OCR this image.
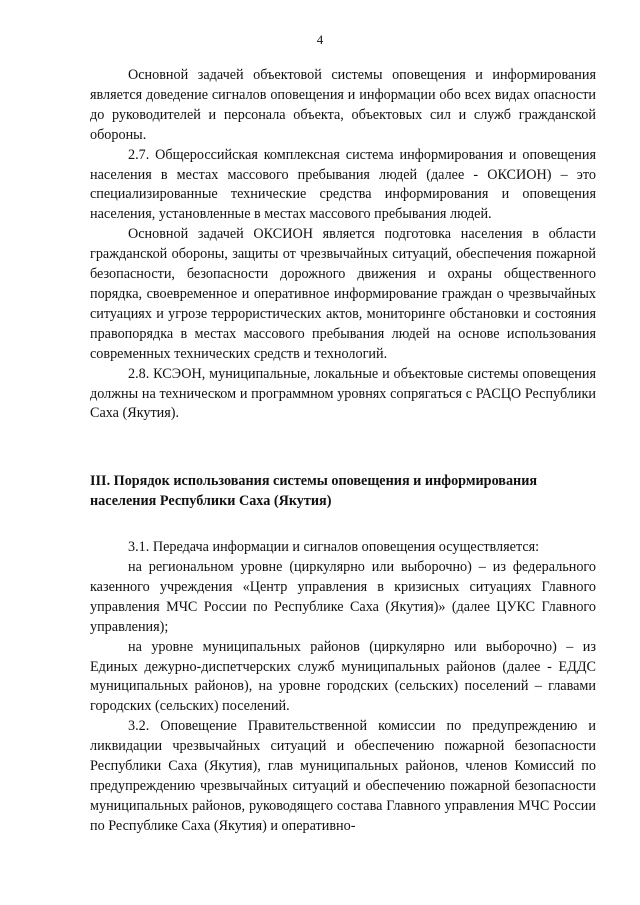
4

Основной задачей объектовой системы оповещения и информирования является доведение сигналов оповещения и информации обо всех видах опасности до руководителей и персонала объекта, объектовых сил и служб гражданской обороны.

2.7. Общероссийская комплексная система информирования и оповещения населения в местах массового пребывания людей (далее - ОКСИОН) – это специализированные технические средства информирования и оповещения населения, установленные в местах массового пребывания людей.

Основной задачей ОКСИОН является подготовка населения в области гражданской обороны, защиты от чрезвычайных ситуаций, обеспечения пожарной безопасности, безопасности дорожного движения и охраны общественного порядка, своевременное и оперативное информирование граждан о чрезвычайных ситуациях и угрозе террористических актов, мониторинге обстановки и состояния правопорядка в местах массового пребывания людей на основе использования современных технических средств и технологий.

2.8. КСЭОН, муниципальные, локальные и объектовые системы оповещения должны на техническом и программном уровнях сопрягаться с РАСЦО Республики Саха (Якутия).

III. Порядок использования системы оповещения и информирования
населения Республики Саха (Якутия)

3.1. Передача информации и сигналов оповещения осуществляется:

на региональном уровне (циркулярно или выборочно) – из федерального казенного учреждения «Центр управления в кризисных ситуациях Главного управления МЧС России по Республике Саха (Якутия)» (далее ЦУКС Главного управления);

на уровне муниципальных районов (циркулярно или выборочно) – из Единых дежурно-диспетчерских служб муниципальных районов (далее - ЕДДС муниципальных районов), на уровне городских (сельских) поселений – главами городских (сельских) поселений.

3.2. Оповещение Правительственной комиссии по предупреждению и ликвидации чрезвычайных ситуаций и обеспечению пожарной безопасности Республики Саха (Якутия), глав муниципальных районов, членов Комиссий по предупреждению чрезвычайных ситуаций и обеспечению пожарной безопасности муниципальных районов, руководящего состава Главного управления МЧС России по Республике Саха (Якутия) и оперативно-
